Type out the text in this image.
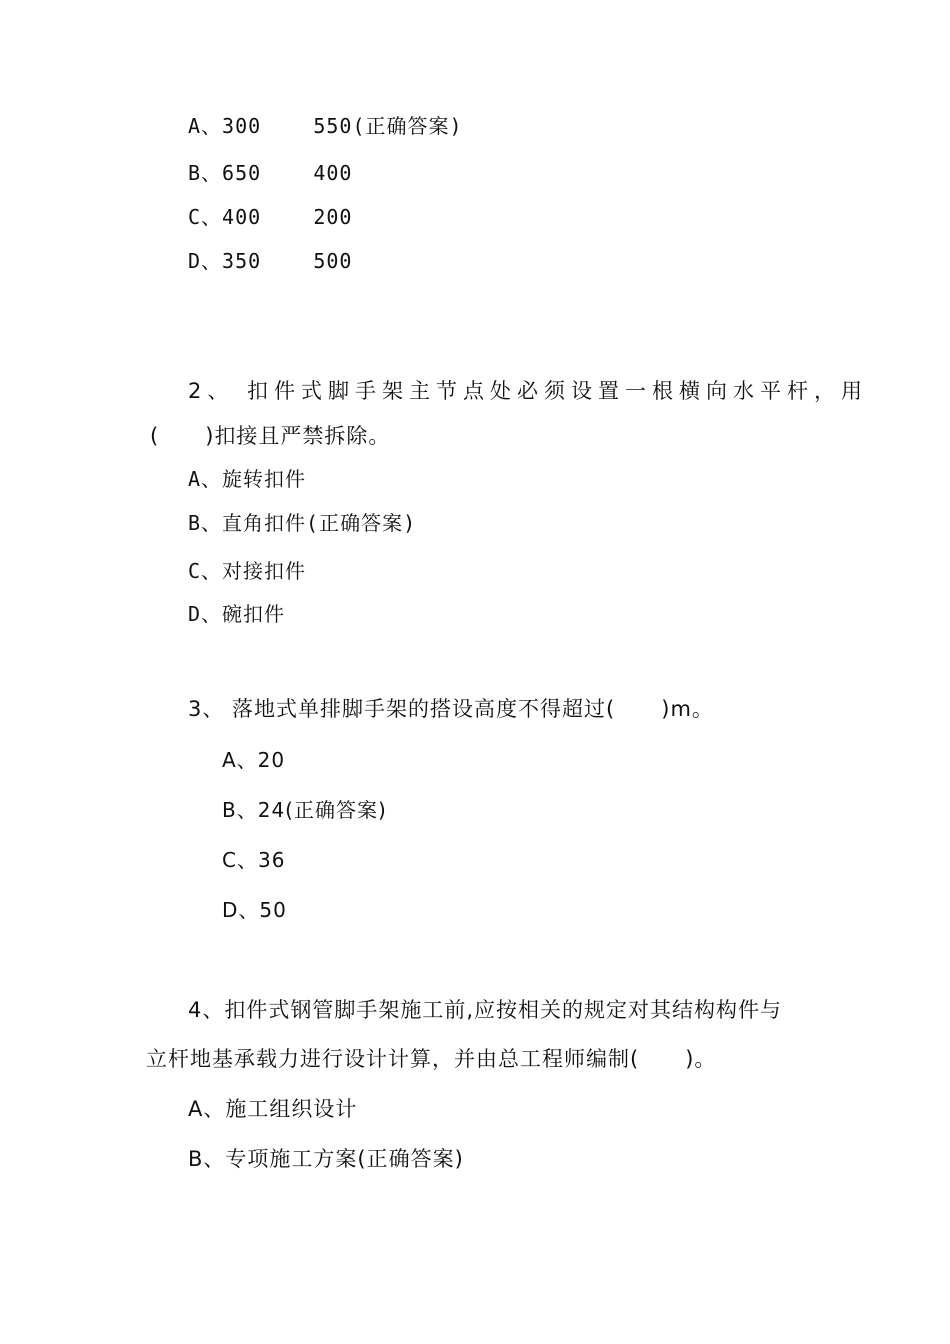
A、300    550(正确答案)
B、650    400
C、400    200
D、350    500
2、 扣件式脚手架主节点处必须设置一根横向水平杆，用
(      )扣接且严禁拆除。
A、旋转扣件
B、直角扣件(正确答案)
C、对接扣件
D、碗扣件
3、 落地式单排脚手架的搭设高度不得超过(      )m。
A、20
B、24(正确答案)
C、36
D、50
4、扣件式钢管脚手架施工前,应按相关的规定对其结构构件与
立杆地基承载力进行设计计算，并由总工程师编制(      )。
A、施工组织设计
B、专项施工方案(正确答案)
